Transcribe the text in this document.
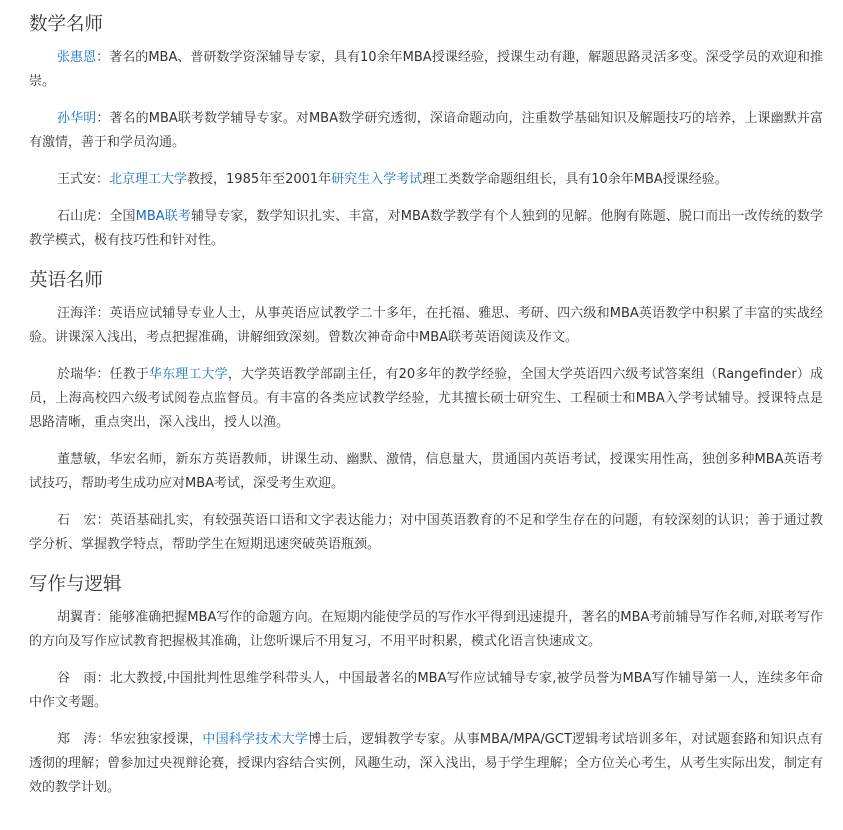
数学名师

张惠恩：著名的MBA、普研数学资深辅导专家，具有10余年MBA授课经验，授课生动有趣，解题思路灵活多变。深受学员的欢迎和推崇。

孙华明：著名的MBA联考数学辅导专家。对MBA数学研究透彻，深谙命题动向，注重数学基础知识及解题技巧的培养，上课幽默并富有激情，善于和学员沟通。

王式安：北京理工大学教授，1985年至2001年研究生入学考试理工类数学命题组组长，具有10余年MBA授课经验。

石山虎：全国MBA联考辅导专家，数学知识扎实、丰富，对MBA数学教学有个人独到的见解。他胸有陈题、脱口而出一改传统的数学教学模式，极有技巧性和针对性。

英语名师

汪海洋：英语应试辅导专业人士，从事英语应试教学二十多年，在托福、雅思、考研、四六级和MBA英语教学中积累了丰富的实战经验。讲课深入浅出，考点把握准确，讲解细致深刻。曾数次神奇命中MBA联考英语阅读及作文。

於瑞华：任教于华东理工大学，大学英语教学部副主任，有20多年的教学经验，全国大学英语四六级考试答案组（Rangefinder）成员，上海高校四六级考试阅卷点监督员。有丰富的各类应试教学经验，尤其擅长硕士研究生、工程硕士和MBA入学考试辅导。授课特点是思路清晰，重点突出，深入浅出，授人以渔。

董慧敏，华宏名师，新东方英语教师，讲课生动、幽默、激情，信息量大，贯通国内英语考试，授课实用性高，独创多种MBA英语考试技巧，帮助考生成功应对MBA考试，深受考生欢迎。

石　宏：英语基础扎实，有较强英语口语和文字表达能力；对中国英语教育的不足和学生存在的问题，有较深刻的认识；善于通过教学分析、掌握教学特点，帮助学生在短期迅速突破英语瓶颈。

写作与逻辑

胡翼青：能够准确把握MBA写作的命题方向。在短期内能使学员的写作水平得到迅速提升，著名的MBA考前辅导写作名师,对联考写作的方向及写作应试教育把握极其准确，让您听课后不用复习，不用平时积累，模式化语言快速成文。

谷　雨：北大教授,中国批判性思维学科带头人，中国最著名的MBA写作应试辅导专家,被学员誉为MBA写作辅导第一人，连续多年命中作文考题。

郑　涛：华宏独家授课，中国科学技术大学博士后，逻辑教学专家。从事MBA/MPA/GCT逻辑考试培训多年，对试题套路和知识点有透彻的理解；曾参加过央视辩论赛，授课内容结合实例，风趣生动，深入浅出，易于学生理解；全方位关心考生，从考生实际出发，制定有效的教学计划。
